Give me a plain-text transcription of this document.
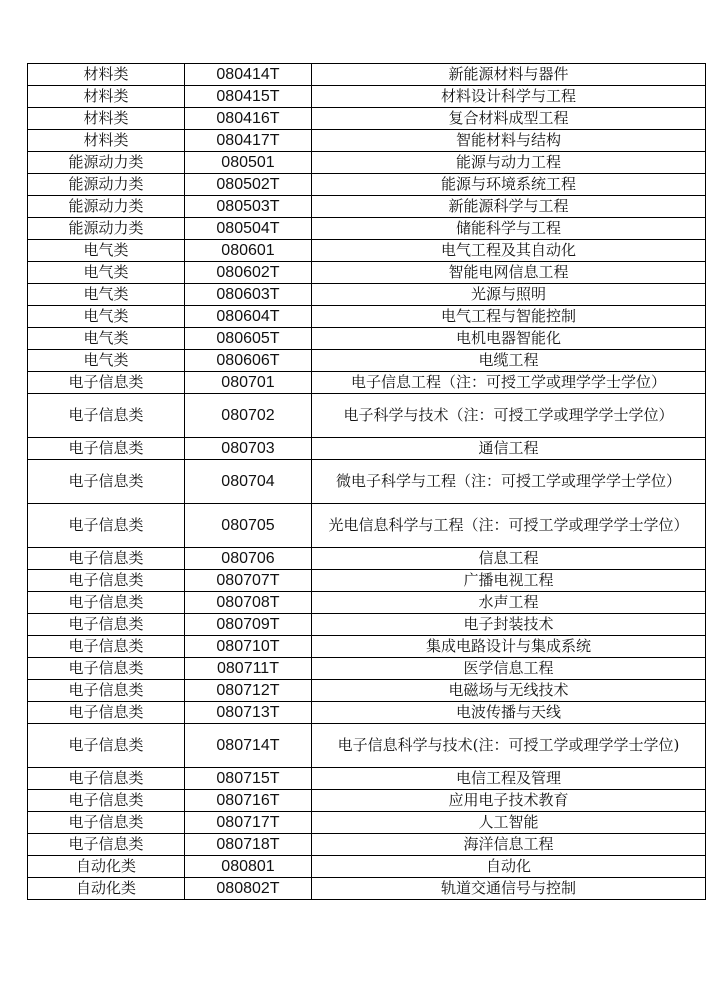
材料类	080414T	新能源材料与器件
材料类	080415T	材料设计科学与工程
材料类	080416T	复合材料成型工程
材料类	080417T	智能材料与结构
能源动力类	080501	能源与动力工程
能源动力类	080502T	能源与环境系统工程
能源动力类	080503T	新能源科学与工程
能源动力类	080504T	储能科学与工程
电气类	080601	电气工程及其自动化
电气类	080602T	智能电网信息工程
电气类	080603T	光源与照明
电气类	080604T	电气工程与智能控制
电气类	080605T	电机电器智能化
电气类	080606T	电缆工程
电子信息类	080701	电子信息工程（注：可授工学或理学学士学位）
电子信息类	080702	电子科学与技术（注：可授工学或理学学士学位）
电子信息类	080703	通信工程
电子信息类	080704	微电子科学与工程（注：可授工学或理学学士学位）
电子信息类	080705	光电信息科学与工程（注：可授工学或理学学士学位）
电子信息类	080706	信息工程
电子信息类	080707T	广播电视工程
电子信息类	080708T	水声工程
电子信息类	080709T	电子封装技术
电子信息类	080710T	集成电路设计与集成系统
电子信息类	080711T	医学信息工程
电子信息类	080712T	电磁场与无线技术
电子信息类	080713T	电波传播与天线
电子信息类	080714T	电子信息科学与技术(注：可授工学或理学学士学位)
电子信息类	080715T	电信工程及管理
电子信息类	080716T	应用电子技术教育
电子信息类	080717T	人工智能
电子信息类	080718T	海洋信息工程
自动化类	080801	自动化
自动化类	080802T	轨道交通信号与控制
